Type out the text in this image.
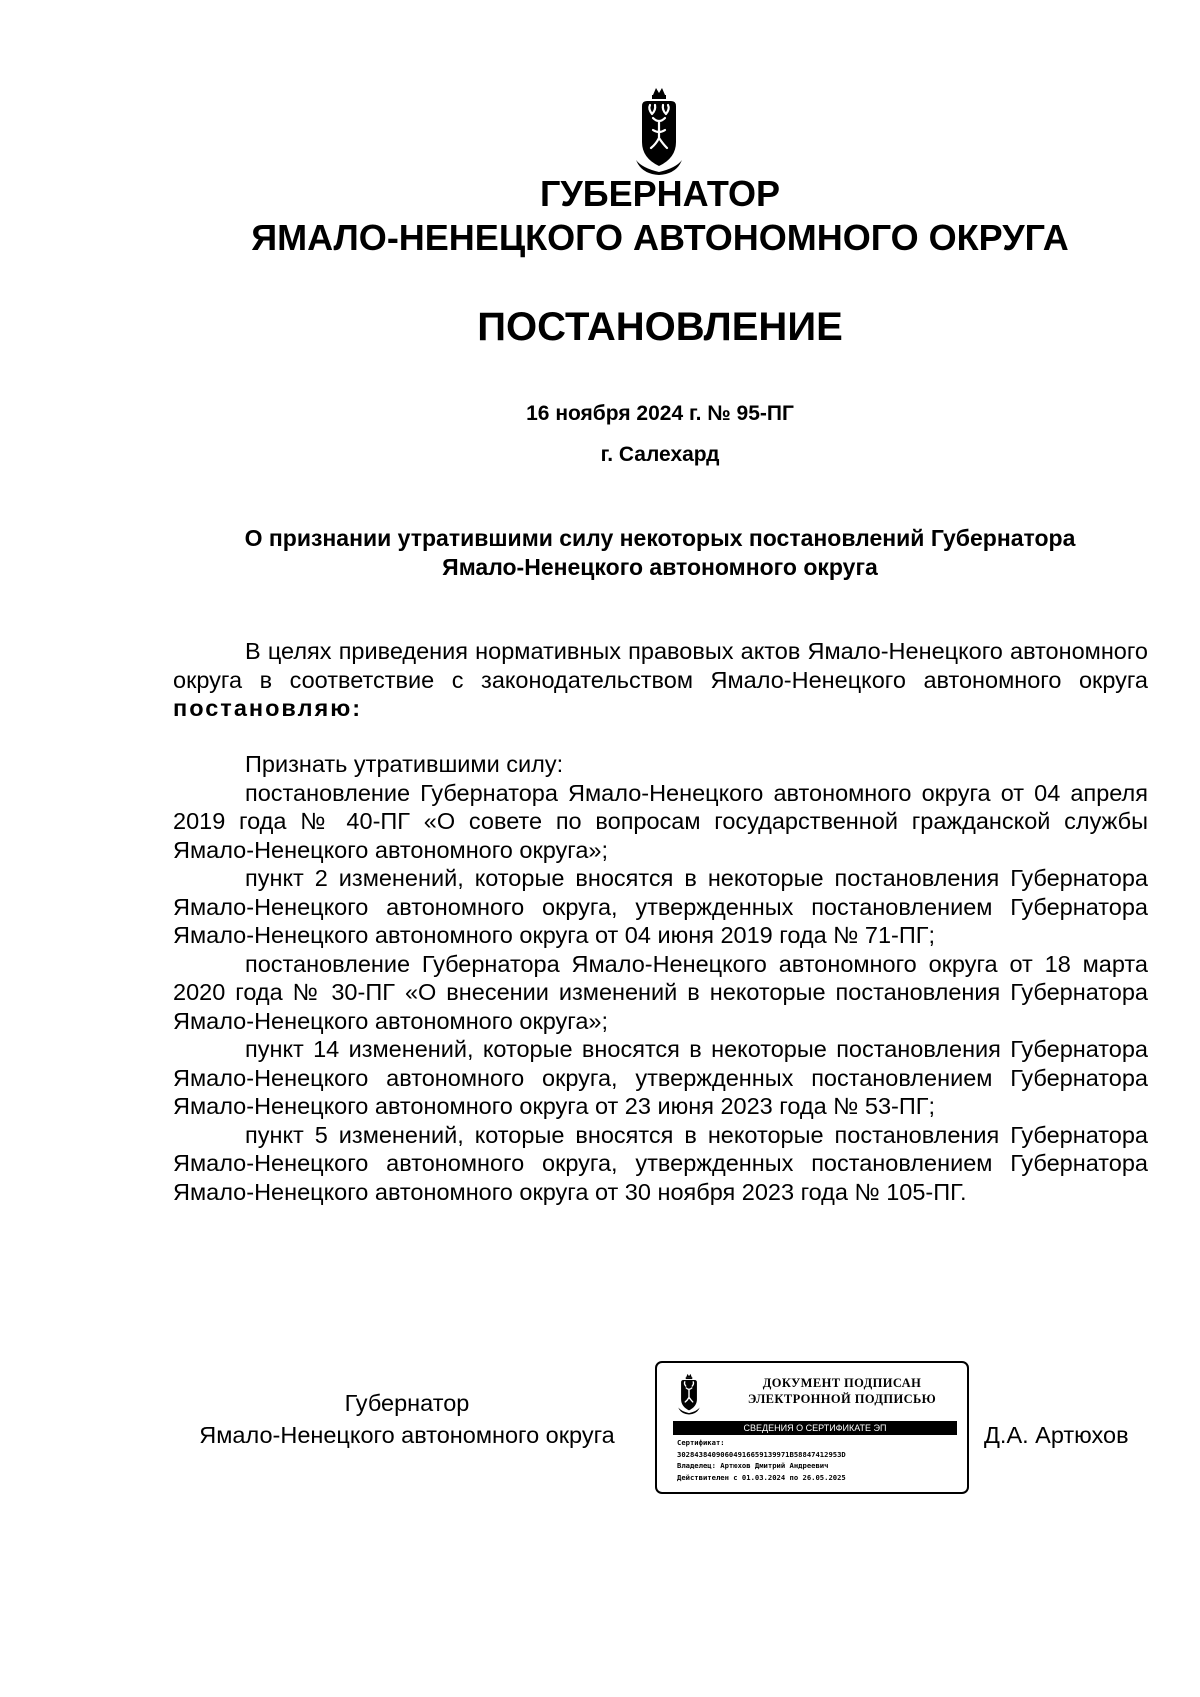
ГУБЕРНАТОР
ЯМАЛО-НЕНЕЦКОГО АВТОНОМНОГО ОКРУГА
ПОСТАНОВЛЕНИЕ
16 ноября 2024 г. № 95-ПГ
г. Салехард
О признании утратившими силу некоторых постановлений Губернатора
Ямало-Ненецкого автономного округа

В целях приведения нормативных правовых актов Ямало-Ненецкого автономного округа в соответствие с законодательством Ямало-Ненецкого автономного округа постановляю:

Признать утратившими силу:

постановление Губернатора Ямало-Ненецкого автономного округа от 04 апреля 2019 года № 40-ПГ «О совете по вопросам государственной гражданской службы Ямало-Ненецкого автономного округа»;

пункт 2 изменений, которые вносятся в некоторые постановления Губернатора Ямало-Ненецкого автономного округа, утвержденных постановлением Губернатора Ямало-Ненецкого автономного округа от 04 июня 2019 года № 71-ПГ;

постановление Губернатора Ямало-Ненецкого автономного округа от 18 марта 2020 года № 30-ПГ «О внесении изменений в некоторые постановления Губернатора Ямало-Ненецкого автономного округа»;

пункт 14 изменений, которые вносятся в некоторые постановления Губернатора Ямало-Ненецкого автономного округа, утвержденных постановлением Губернатора Ямало-Ненецкого автономного округа от 23 июня 2023 года № 53-ПГ;

пункт 5 изменений, которые вносятся в некоторые постановления Губернатора Ямало-Ненецкого автономного округа, утвержденных постановлением Губернатора Ямало-Ненецкого автономного округа от 30 ноября 2023 года № 105-ПГ.

Губернатор
Ямало-Ненецкого автономного округа
ДОКУМЕНТ ПОДПИСАН
ЭЛЕКТРОННОЙ ПОДПИСЬЮ
СВЕДЕНИЯ О СЕРТИФИКАТЕ ЭП
Сертификат:
30284384090604916659139971B58847412953D
Владелец: Артюхов Дмитрий Андреевич
Действителен с 01.03.2024 по 26.05.2025
Д.А. Артюхов
